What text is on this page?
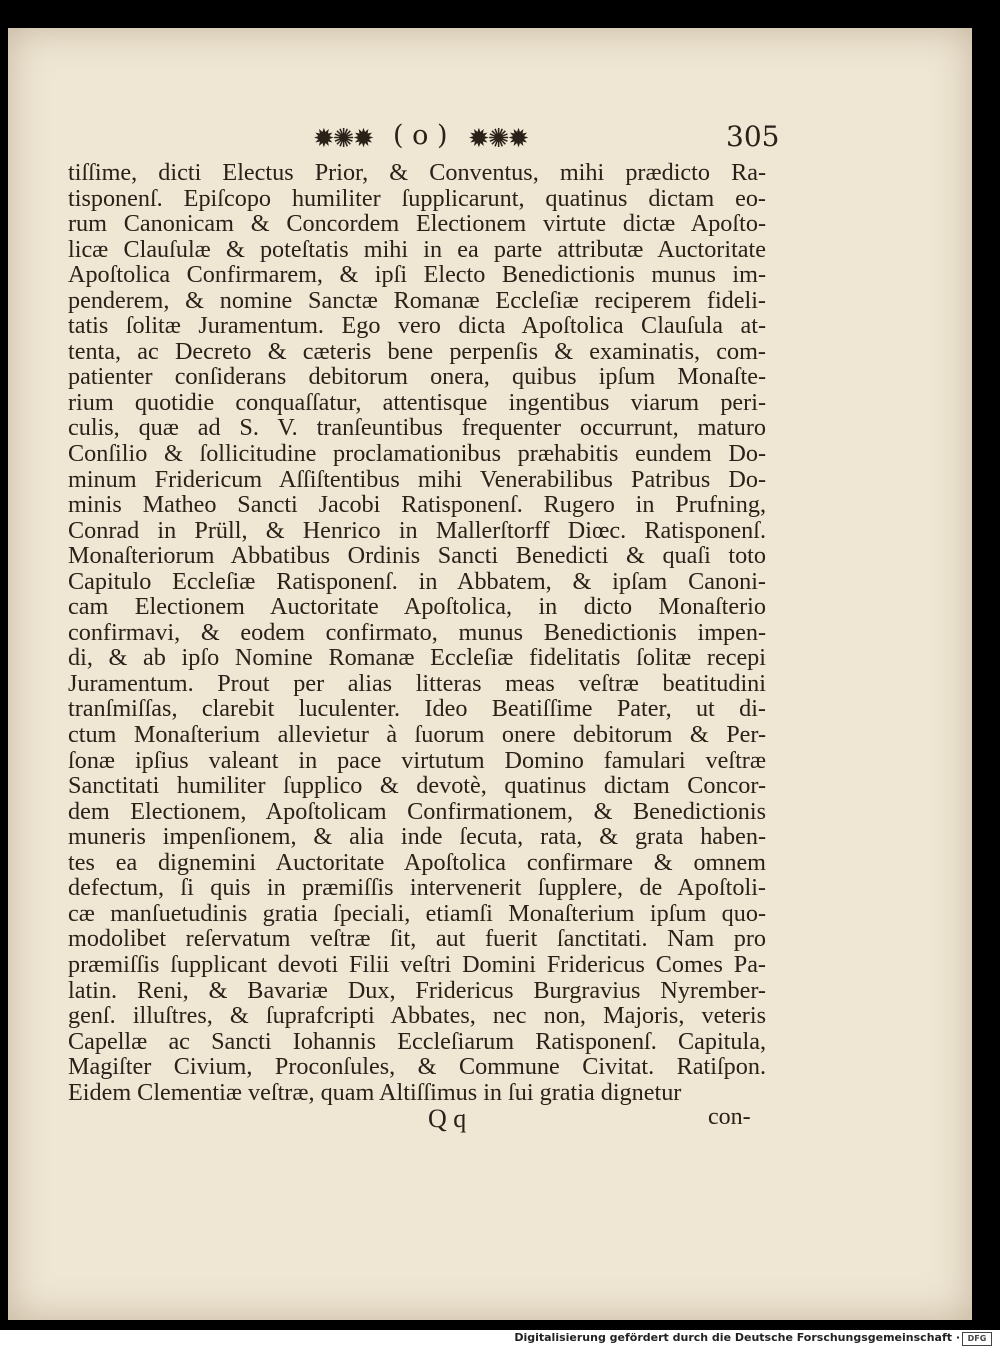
✹✺✹ ( o ) ✹✺✹	305
tiſſime, dicti Electus Prior, & Conventus, mihi prædicto Ra-
tisponenſ. Epiſcopo humiliter ſupplicarunt, quatinus dictam eo-
rum Canonicam & Concordem Electionem virtute dictæ Apoſto-
licæ Clauſulæ & poteſtatis mihi in ea parte attributæ Auctoritate
Apoſtolica Confirmarem, & ipſi Electo Benedictionis munus im-
penderem, & nomine Sanctæ Romanæ Eccleſiæ reciperem fideli-
tatis ſolitæ Juramentum. Ego vero dicta Apoſtolica Clauſula at-
tenta, ac Decreto & cæteris bene perpenſis & examinatis, com-
patienter conſiderans debitorum onera, quibus ipſum Monaſte-
rium quotidie conquaſſatur, attentisque ingentibus viarum peri-
culis, quæ ad S. V. tranſeuntibus frequenter occurrunt, maturo
Conſilio & ſollicitudine proclamationibus præhabitis eundem Do-
minum Fridericum Aſſiſtentibus mihi Venerabilibus Patribus Do-
minis Matheo Sancti Jacobi Ratisponenſ. Rugero in Prufning,
Conrad in Prüll, & Henrico in Mallerſtorff Diœc. Ratisponenſ.
Monaſteriorum Abbatibus Ordinis Sancti Benedicti & quaſi toto
Capitulo Eccleſiæ Ratisponenſ. in Abbatem, & ipſam Canoni-
cam Electionem Auctoritate Apoſtolica, in dicto Monaſterio
confirmavi, & eodem confirmato, munus Benedictionis impen-
di, & ab ipſo Nomine Romanæ Eccleſiæ fidelitatis ſolitæ recepi
Juramentum. Prout per alias litteras meas veſtræ beatitudini
tranſmiſſas, clarebit luculenter. Ideo Beatiſſime Pater, ut di-
ctum Monaſterium allevietur à ſuorum onere debitorum & Per-
ſonæ ipſius valeant in pace virtutum Domino famulari veſtræ
Sanctitati humiliter ſupplico & devotè, quatinus dictam Concor-
dem Electionem, Apoſtolicam Confirmationem, & Benedictionis
muneris impenſionem, & alia inde ſecuta, rata, & grata haben-
tes ea dignemini Auctoritate Apoſtolica confirmare & omnem
defectum, ſi quis in præmiſſis intervenerit ſupplere, de Apoſtoli-
cæ manſuetudinis gratia ſpeciali, etiamſi Monaſterium ipſum quo-
modolibet reſervatum veſtræ ſit, aut fuerit ſanctitati. Nam pro
præmiſſis ſupplicant devoti Filii veſtri Domini Fridericus Comes Pa-
latin. Reni, & Bavariæ Dux, Fridericus Burgravius Nyrember-
genſ. illuſtres, & ſuprafcripti Abbates, nec non, Majoris, veteris
Capellæ ac Sancti Iohannis Eccleſiarum Ratisponenſ. Capitula,
Magiſter Civium, Proconſules, & Commune Civitat. Ratiſpon.
Eidem Clementiæ veſtræ, quam Altiſſimus in ſui gratia dignetur
Q q	con-
Digitalisierung gefördert durch die Deutsche Forschungsgemeinschaft · DFG
